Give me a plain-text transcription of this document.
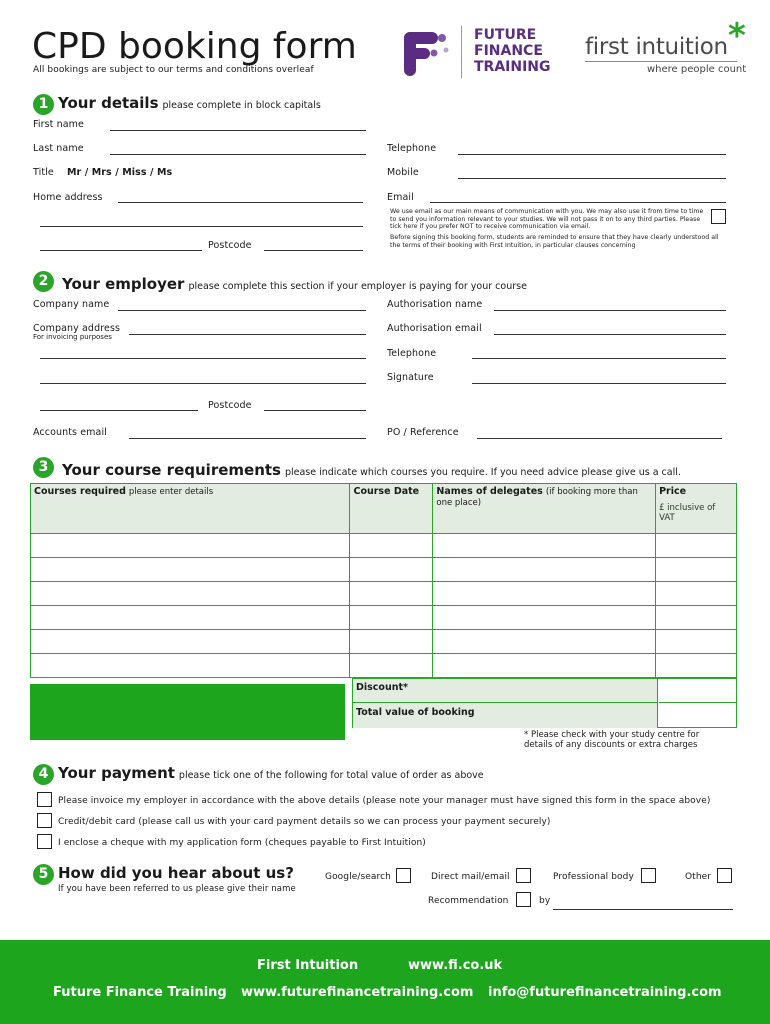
CPD booking form
All bookings are subject to our terms and conditions overleaf
FUTURE
FINANCE
TRAINING
first intuition *
where people count
1 Your details please complete in block capitals
First name
Last name
Title Mr / Mrs / Miss / Ms
Home address
Postcode
Telephone
Mobile
Email
We use email as our main means of communication with you. We may also use it from time to time to send you information relevant to your studies. We will not pass it on to any third parties. Please tick here if you prefer NOT to receive communication via email.
Before signing this booking form, students are reminded to ensure that they have clearly understood all the terms of their booking with First Intuition, in particular clauses concerning
2 Your employer please complete this section if your employer is paying for your course
Company name
Company address
For invoicing purposes
Postcode
Accounts email
Authorisation name
Authorisation email
Telephone
Signature
PO / Reference
3 Your course requirements please indicate which courses you require. If you need advice please give us a call.
Courses required please enter details	Course Date	Names of delegates (if booking more than one place)	Price
£ inclusive of VAT

Discount*
Total value of booking
* Please check with your study centre for details of any discounts or extra charges
4 Your payment please tick one of the following for total value of order as above
Please invoice my employer in accordance with the above details (please note your manager must have signed this form in the space above)
Credit/debit card (please call us with your card payment details so we can process your payment securely)
I enclose a cheque with my application form (cheques payable to First Intuition)
5 How did you hear about us?
If you have been referred to us please give their name
Google/search	Direct mail/email	Professional body	Other
Recommendation	by
First Intuition	www.fi.co.uk
Future Finance Training www.futurefinancetraining.com info@futurefinancetraining.com
